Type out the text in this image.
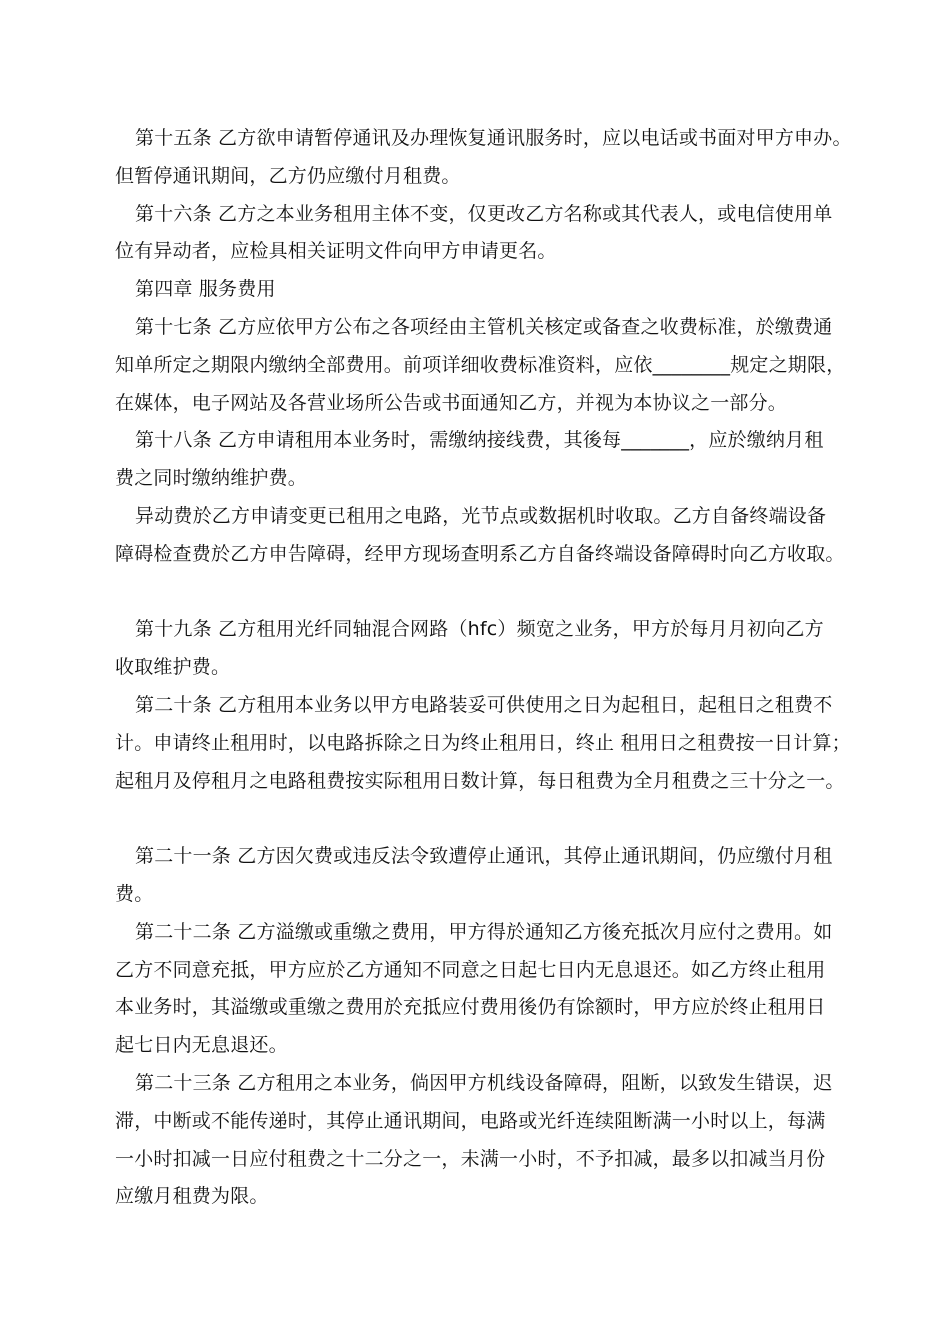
第十五条 乙方欲申请暂停通讯及办理恢复通讯服务时，应以电话或书面对甲方申办。
但暂停通讯期间，乙方仍应缴付月租费。
第十六条 乙方之本业务租用主体不变，仅更改乙方名称或其代表人，或电信使用单
位有异动者，应检具相关证明文件向甲方申请更名。
第四章 服务费用
第十七条 乙方应依甲方公布之各项经由主管机关核定或备查之收费标准，於缴费通
知单所定之期限内缴纳全部费用。前项详细收费标准资料，应依________规定之期限，
在媒体，电子网站及各营业场所公告或书面通知乙方，并视为本协议之一部分。
第十八条 乙方申请租用本业务时，需缴纳接线费，其後每_______，应於缴纳月租
费之同时缴纳维护费。
异动费於乙方申请变更已租用之电路，光节点或数据机时收取。乙方自备终端设备
障碍检查费於乙方申告障碍，经甲方现场查明系乙方自备终端设备障碍时向乙方收取。
第十九条 乙方租用光纤同轴混合网路（hfc）频宽之业务，甲方於每月月初向乙方
收取维护费。
第二十条 乙方租用本业务以甲方电路装妥可供使用之日为起租日，起租日之租费不
计。申请终止租用时，以电路拆除之日为终止租用日，终止 租用日之租费按一日计算；
起租月及停租月之电路租费按实际租用日数计算，每日租费为全月租费之三十分之一。
第二十一条 乙方因欠费或违反法令致遭停止通讯，其停止通讯期间，仍应缴付月租
费。
第二十二条 乙方溢缴或重缴之费用，甲方得於通知乙方後充抵次月应付之费用。如
乙方不同意充抵，甲方应於乙方通知不同意之日起七日内无息退还。如乙方终止租用
本业务时，其溢缴或重缴之费用於充抵应付费用後仍有馀额时，甲方应於终止租用日
起七日内无息退还。
第二十三条 乙方租用之本业务，倘因甲方机线设备障碍，阻断，以致发生错误，迟
滞，中断或不能传递时，其停止通讯期间，电路或光纤连续阻断满一小时以上，每满
一小时扣减一日应付租费之十二分之一，未满一小时，不予扣减，最多以扣减当月份
应缴月租费为限。
